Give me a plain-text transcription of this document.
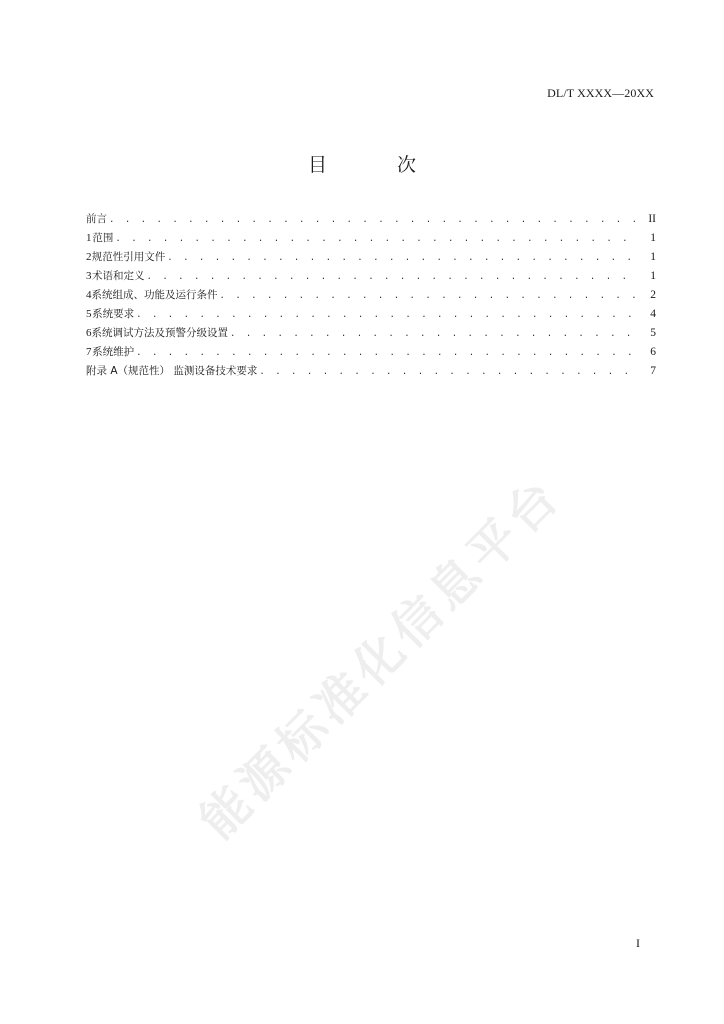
DL/T XXXX—20XX
目 次
前言 . . .	II
1 范围 . . .	1
2 规范性引用文件 . . .	1
3 术语和定义 . . .	1
4 系统组成、功能及运行条件 . . .	2
5 系统要求 . . .	4
6 系统调试方法及预警分级设置 . . .	5
7 系统维护 . . .	6
附录 A（规范性） 监测设备技术要求 . . .	7
能源标准化信息平台
I
